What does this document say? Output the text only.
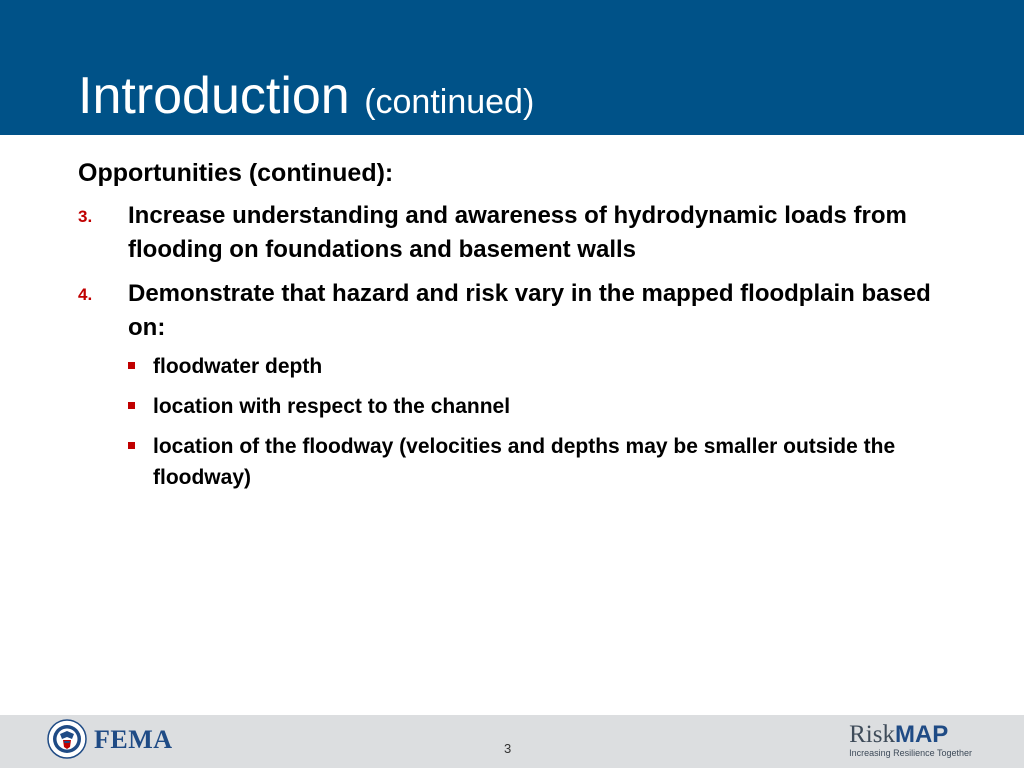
Introduction (continued)

Opportunities (continued):

3. Increase understanding and awareness of hydrodynamic loads from flooding on foundations and basement walls
4. Demonstrate that hazard and risk vary in the mapped floodplain based on:
floodwater depth
location with respect to the channel
location of the floodway (velocities and depths may be smaller outside the floodway)
FEMA	3
RiskMAP
Increasing Resilience Together
